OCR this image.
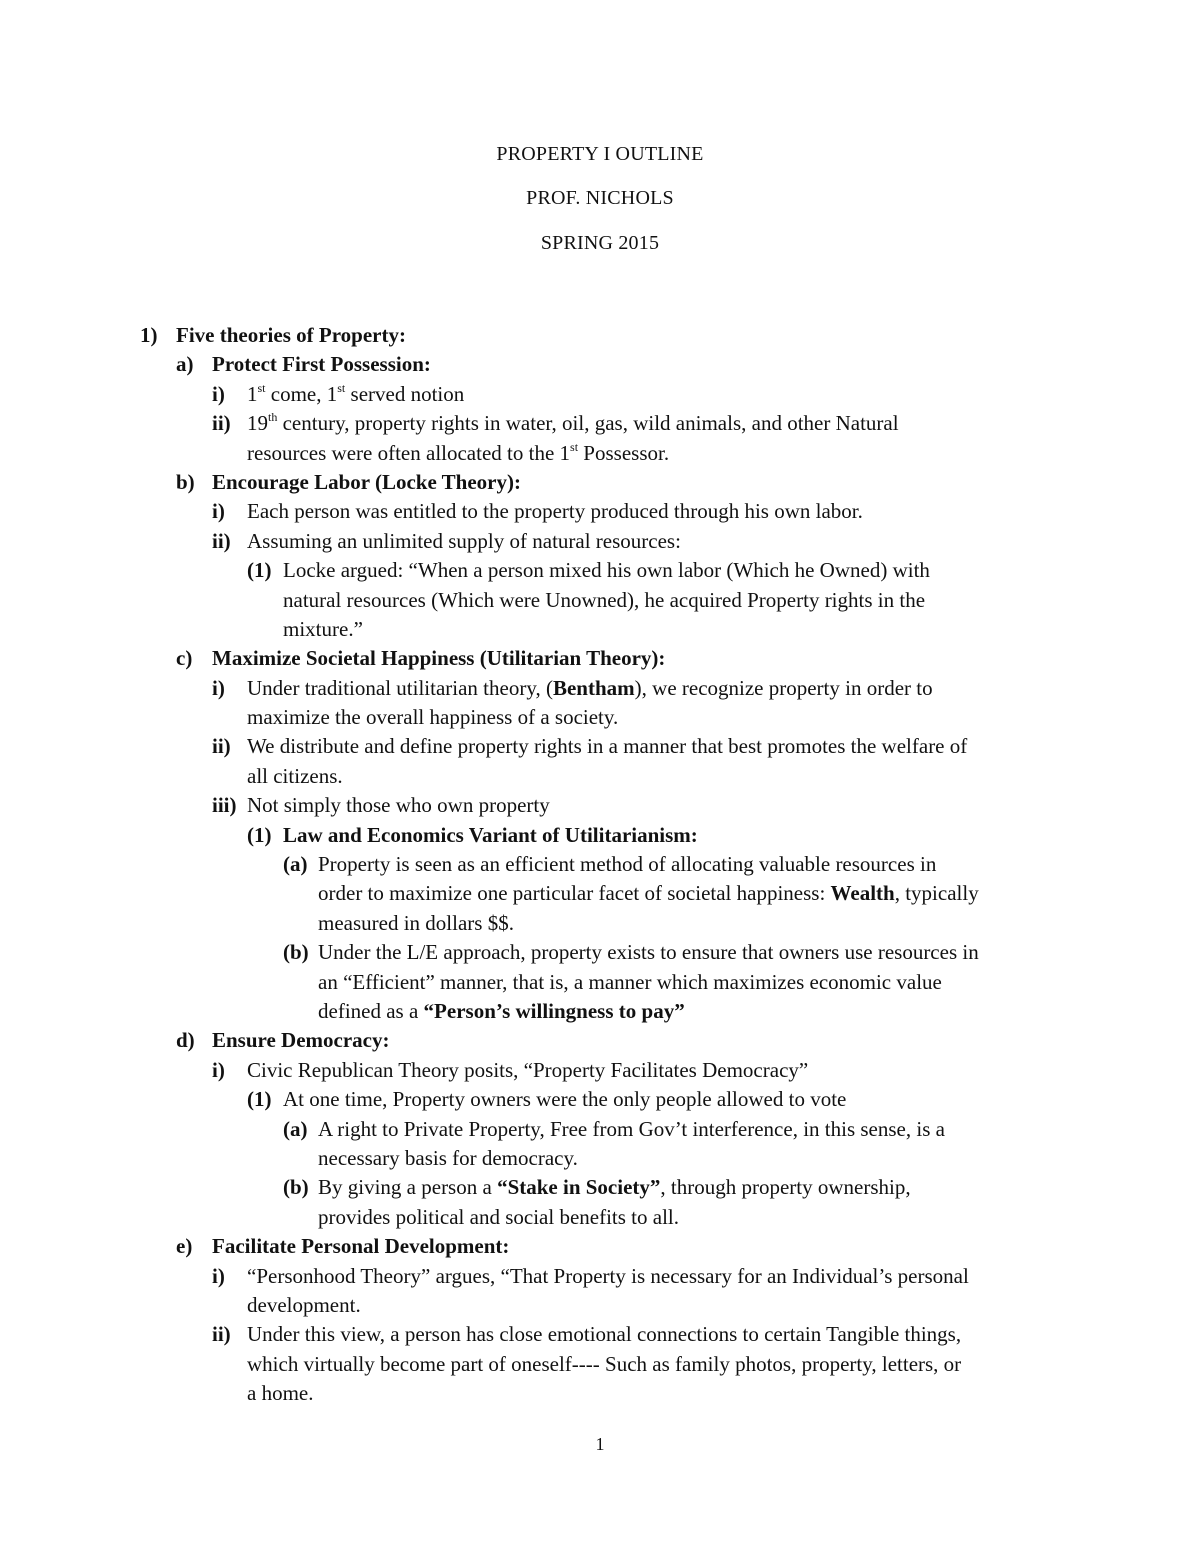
PROPERTY I OUTLINE
PROF. NICHOLS
SPRING 2015
1) Five theories of Property:
a) Protect First Possession:
i) 1st come, 1st served notion
ii) 19th century, property rights in water, oil, gas, wild animals, and other Natural
resources were often allocated to the 1st Possessor.
b) Encourage Labor (Locke Theory):
i) Each person was entitled to the property produced through his own labor.
ii) Assuming an unlimited supply of natural resources:
(1) Locke argued: “When a person mixed his own labor (Which he Owned) with
natural resources (Which were Unowned), he acquired Property rights in the
mixture.”
c) Maximize Societal Happiness (Utilitarian Theory):
i) Under traditional utilitarian theory, (Bentham), we recognize property in order to
maximize the overall happiness of a society.
ii) We distribute and define property rights in a manner that best promotes the welfare of
all citizens.
iii) Not simply those who own property
(1) Law and Economics Variant of Utilitarianism:
(a) Property is seen as an efficient method of allocating valuable resources in
order to maximize one particular facet of societal happiness: Wealth, typically
measured in dollars $$.
(b) Under the L/E approach, property exists to ensure that owners use resources in
an “Efficient” manner, that is, a manner which maximizes economic value
defined as a “Person’s willingness to pay”
d) Ensure Democracy:
i) Civic Republican Theory posits, “Property Facilitates Democracy”
(1) At one time, Property owners were the only people allowed to vote
(a) A right to Private Property, Free from Gov’t interference, in this sense, is a
necessary basis for democracy.
(b) By giving a person a “Stake in Society”, through property ownership,
provides political and social benefits to all.
e) Facilitate Personal Development:
i) “Personhood Theory” argues, “That Property is necessary for an Individual’s personal
development.
ii) Under this view, a person has close emotional connections to certain Tangible things,
which virtually become part of oneself---- Such as family photos, property, letters, or
a home.
1
